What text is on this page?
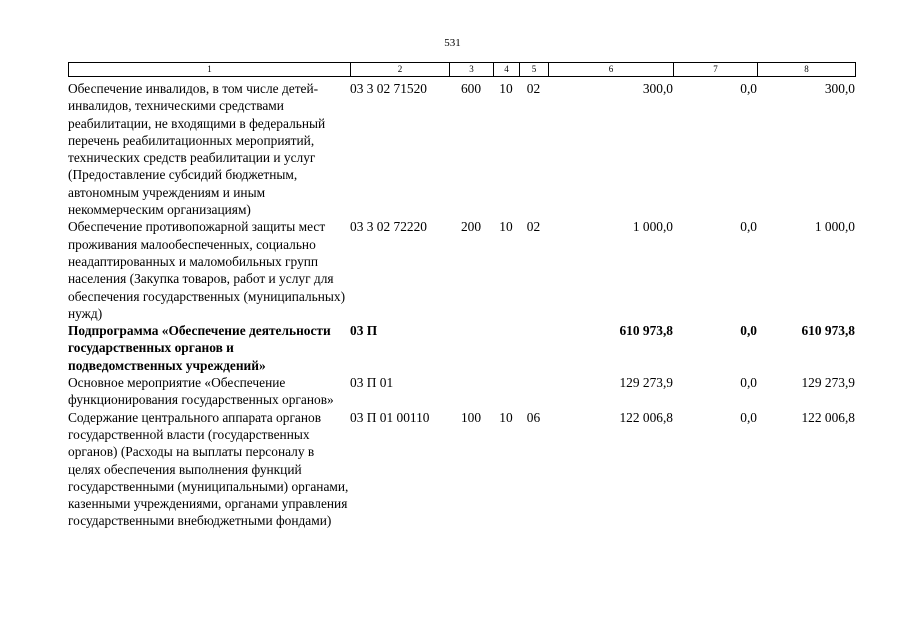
531
1	2	3	4	5	6	7	8
Обеспечение инвалидов, в том числе детей-инвалидов, техническими средствами реабилитации, не входящими в федеральный перечень реабилитационных мероприятий, технических средств реабилитации и услуг (Предоставление субсидий бюджетным, автономным учреждениям и иным некоммерческим организациям)	03 3 02 71520	600	10	02	300,0	0,0	300,0
Обеспечение противопожарной защиты мест проживания малообеспеченных, социально неадаптированных и маломобильных групп населения (Закупка товаров, работ и услуг для обеспечения государственных (муниципальных) нужд)	03 3 02 72220	200	10	02	1 000,0	0,0	1 000,0
Подпрограмма «Обеспечение деятельности государственных органов и подведомственных учреждений»	03 П				610 973,8	0,0	610 973,8
Основное мероприятие «Обеспечение функционирования государственных органов»	03 П 01				129 273,9	0,0	129 273,9
Содержание центрального аппарата органов государственной власти (государственных органов) (Расходы на выплаты персоналу в целях обеспечения выполнения функций государственными (муниципальными) органами, казенными учреждениями, органами управления государственными внебюджетными фондами)	03 П 01 00110	100	10	06	122 006,8	0,0	122 006,8
